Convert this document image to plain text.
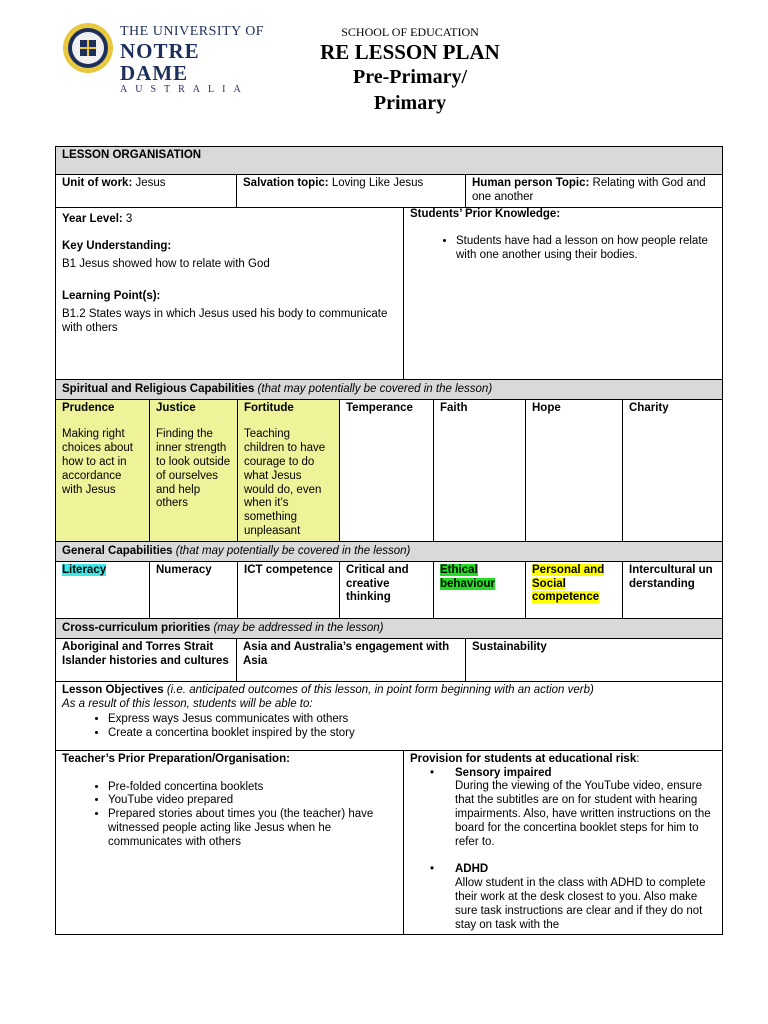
THE UNIVERSITY OF
NOTRE DAME
AUSTRALIA
SCHOOL OF EDUCATION
RE LESSON PLAN
Pre-Primary/
Primary
LESSON ORGANISATION
Unit of work: Jesus	Salvation topic: Loving Like Jesus	Human person Topic: Relating with God and one another
Year Level: 3
Key Understanding:
B1 Jesus showed how to relate with God
Learning Point(s):
B1.2 States ways in which Jesus used his body to communicate with others

Students’ Prior Knowledge:
• Students have had a lesson on how people relate with one another using their bodies.
Spiritual and Religious Capabilities (that may potentially be covered in the lesson)
Prudence
Making right choices about how to act in accordance with Jesus
	Justice
Finding the inner strength to look outside of ourselves and help others
	Fortitude
Teaching children to have courage to do what Jesus would do, even when it’s something unpleasant
	Temperance	Faith	Hope	Charity
General Capabilities (that may potentially be covered in the lesson)
Literacy	Numeracy	ICT competence	Critical and creative thinking	Ethical behaviour	Personal and Social competence	Intercultural understanding
Cross-curriculum priorities (may be addressed in the lesson)
Aboriginal and Torres Strait Islander histories and cultures	Asia and Australia’s engagement with Asia	Sustainability
Lesson Objectives (i.e. anticipated outcomes of this lesson, in point form beginning with an action verb)
As a result of this lesson, students will be able to:
• Express ways Jesus communicates with others
• Create a concertina booklet inspired by the story
Teacher’s Prior Preparation/Organisation:
• Pre-folded concertina booklets
• YouTube video prepared
• Prepared stories about times you (the teacher) have witnessed people acting like Jesus when he communicates with others

Provision for students at educational risk:
• Sensory impaired
During the viewing of the YouTube video, ensure that the subtitles are on for student with hearing impairments. Also, have written instructions on the board for the concertina booklet steps for him to refer to.
• ADHD
Allow student in the class with ADHD to complete their work at the desk closest to you. Also make sure task instructions are clear and if they do not stay on task with the
